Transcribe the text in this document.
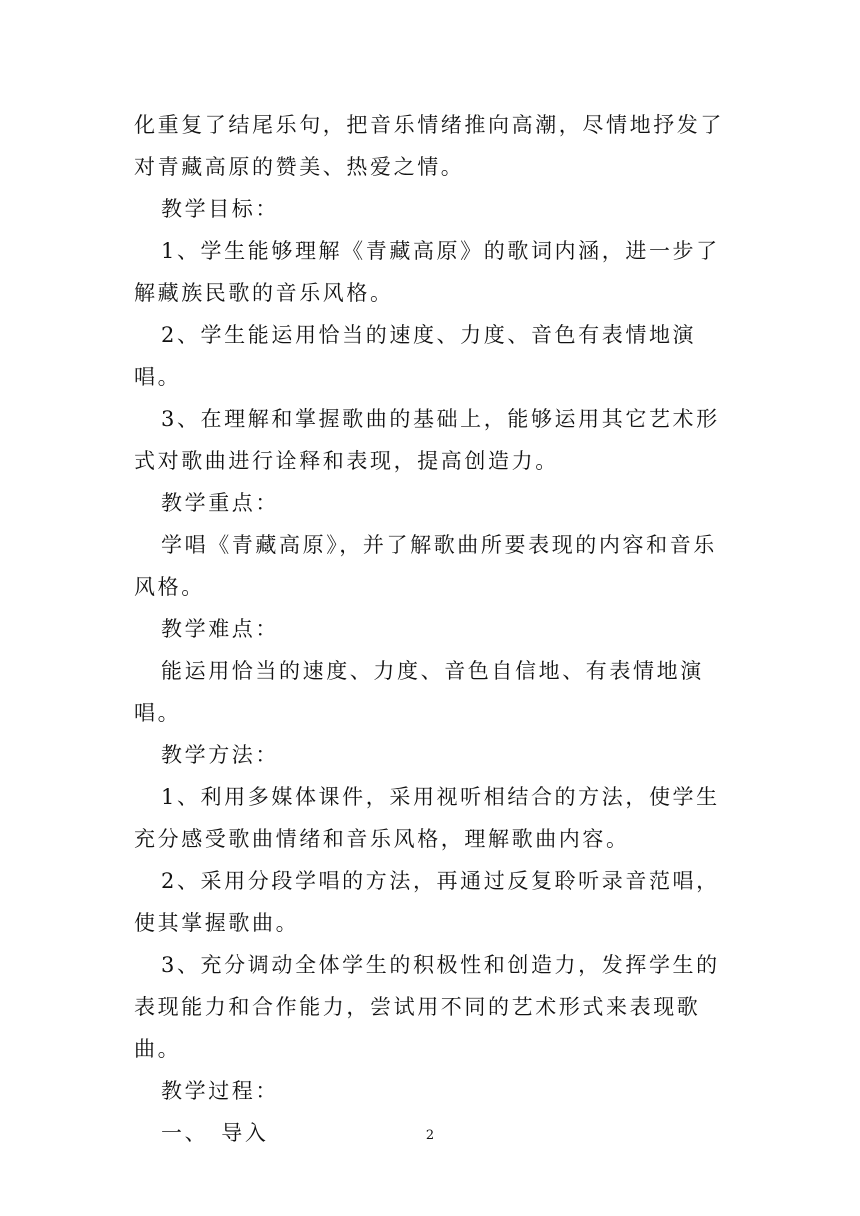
化重复了结尾乐句，把音乐情绪推向高潮，尽情地抒发了对青藏高原的赞美、热爱之情。

教学目标：

1、学生能够理解《青藏高原》的歌词内涵，进一步了解藏族民歌的音乐风格。

2、学生能运用恰当的速度、力度、音色有表情地演唱。

3、在理解和掌握歌曲的基础上，能够运用其它艺术形式对歌曲进行诠释和表现，提高创造力。

教学重点：

学唱《青藏高原》，并了解歌曲所要表现的内容和音乐风格。

教学难点：

能运用恰当的速度、力度、音色自信地、有表情地演唱。

教学方法：

1、利用多媒体课件，采用视听相结合的方法，使学生充分感受歌曲情绪和音乐风格，理解歌曲内容。

2、采用分段学唱的方法，再通过反复聆听录音范唱，使其掌握歌曲。

3、充分调动全体学生的积极性和创造力，发挥学生的表现能力和合作能力，尝试用不同的艺术形式来表现歌曲。

教学过程：

一、　导入	2
